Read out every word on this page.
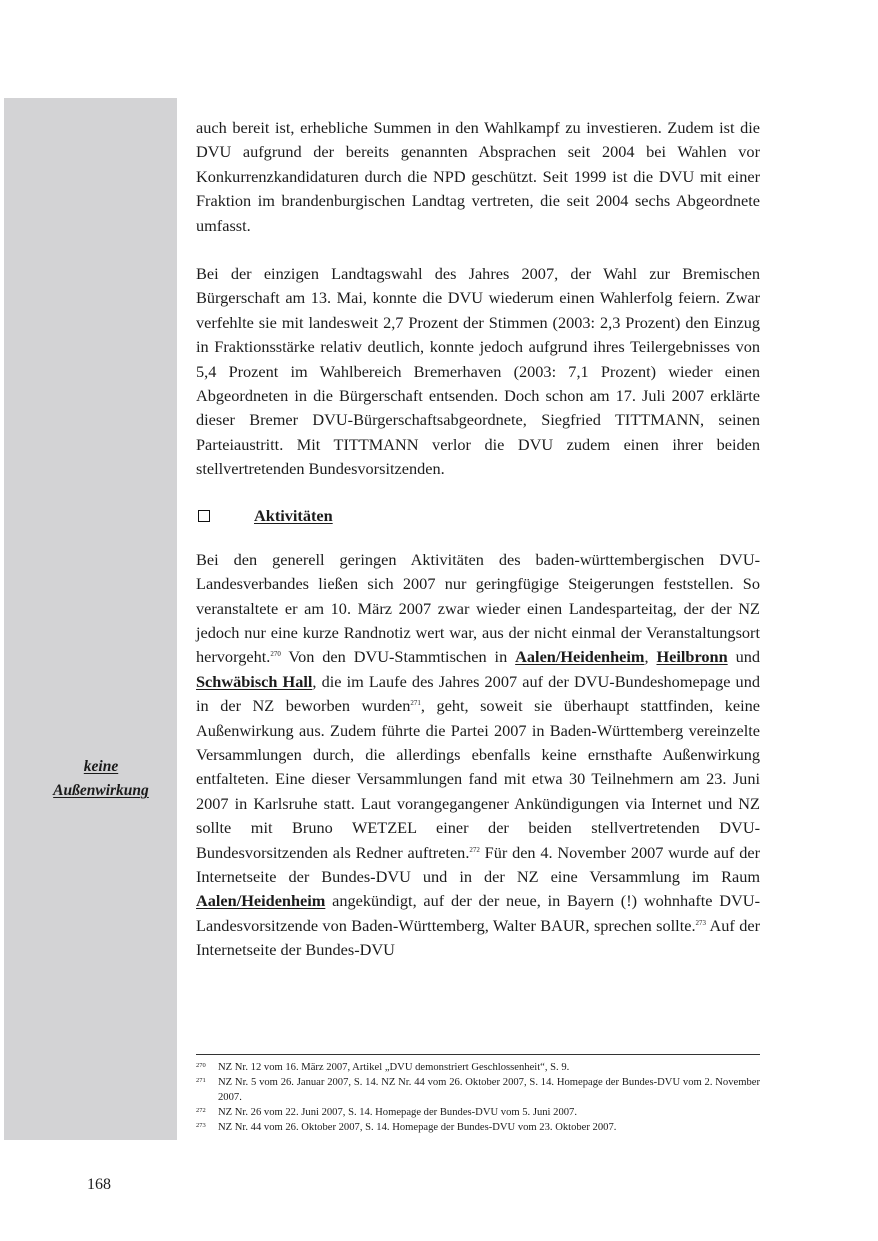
keine
Außenwirkung

auch bereit ist, erhebliche Summen in den Wahlkampf zu investieren. Zudem ist die DVU aufgrund der bereits genannten Absprachen seit 2004 bei Wahlen vor Konkurrenzkandidaturen durch die NPD geschützt. Seit 1999 ist die DVU mit einer Fraktion im brandenburgischen Landtag vertreten, die seit 2004 sechs Abgeordnete umfasst.

Bei der einzigen Landtagswahl des Jahres 2007, der Wahl zur Bremischen Bürgerschaft am 13. Mai, konnte die DVU wiederum einen Wahlerfolg feiern. Zwar verfehlte sie mit landesweit 2,7 Prozent der Stimmen (2003: 2,3 Prozent) den Einzug in Fraktionsstärke relativ deutlich, konnte jedoch aufgrund ihres Teilergebnisses von 5,4 Prozent im Wahlbereich Bremerhaven (2003: 7,1 Prozent) wieder einen Abgeordneten in die Bürgerschaft entsenden. Doch schon am 17. Juli 2007 erklärte dieser Bremer DVU-Bürgerschaftsabgeordnete, Siegfried TITTMANN, seinen Parteiaustritt. Mit TITTMANN verlor die DVU zudem einen ihrer beiden stellvertretenden Bundesvorsitzenden.

Aktivitäten

Bei den generell geringen Aktivitäten des baden-württembergischen DVU-Landesverbandes ließen sich 2007 nur geringfügige Steigerungen feststellen. So veranstaltete er am 10. März 2007 zwar wieder einen Landesparteitag, der der NZ jedoch nur eine kurze Randnotiz wert war, aus der nicht einmal der Veranstaltungsort hervorgeht.$^{270}$ Von den DVU-Stammtischen in Aalen/Heidenheim, Heilbronn und Schwäbisch Hall, die im Laufe des Jahres 2007 auf der DVU-Bundeshomepage und in der NZ beworben wurden$^{271}$, geht, soweit sie überhaupt stattfinden, keine Außenwirkung aus. Zudem führte die Partei 2007 in Baden-Württemberg vereinzelte Versammlungen durch, die allerdings ebenfalls keine ernsthafte Außenwirkung entfalteten. Eine dieser Versammlungen fand mit etwa 30 Teilnehmern am 23. Juni 2007 in Karlsruhe statt. Laut vorangegangener Ankündigungen via Internet und NZ sollte mit Bruno WETZEL einer der beiden stellvertretenden DVU-Bundesvorsitzenden als Redner auftreten.$^{272}$ Für den 4. November 2007 wurde auf der Internetseite der Bundes-DVU und in der NZ eine Versammlung im Raum Aalen/Heidenheim angekündigt, auf der der neue, in Bayern (!) wohnhafte DVU-Landesvorsitzende von Baden-Württemberg, Walter BAUR, sprechen sollte.$^{273}$ Auf der Internetseite der Bundes-DVU

270	NZ Nr. 12 vom 16. März 2007, Artikel „DVU demonstriert Geschlossenheit“, S. 9.
271	NZ Nr. 5 vom 26. Januar 2007, S. 14. NZ Nr. 44 vom 26. Oktober 2007, S. 14. Homepage der Bundes-DVU vom 2. November 2007.
272	NZ Nr. 26 vom 22. Juni 2007, S. 14. Homepage der Bundes-DVU vom 5. Juni 2007.
273	NZ Nr. 44 vom 26. Oktober 2007, S. 14. Homepage der Bundes-DVU vom 23. Oktober 2007.
168
